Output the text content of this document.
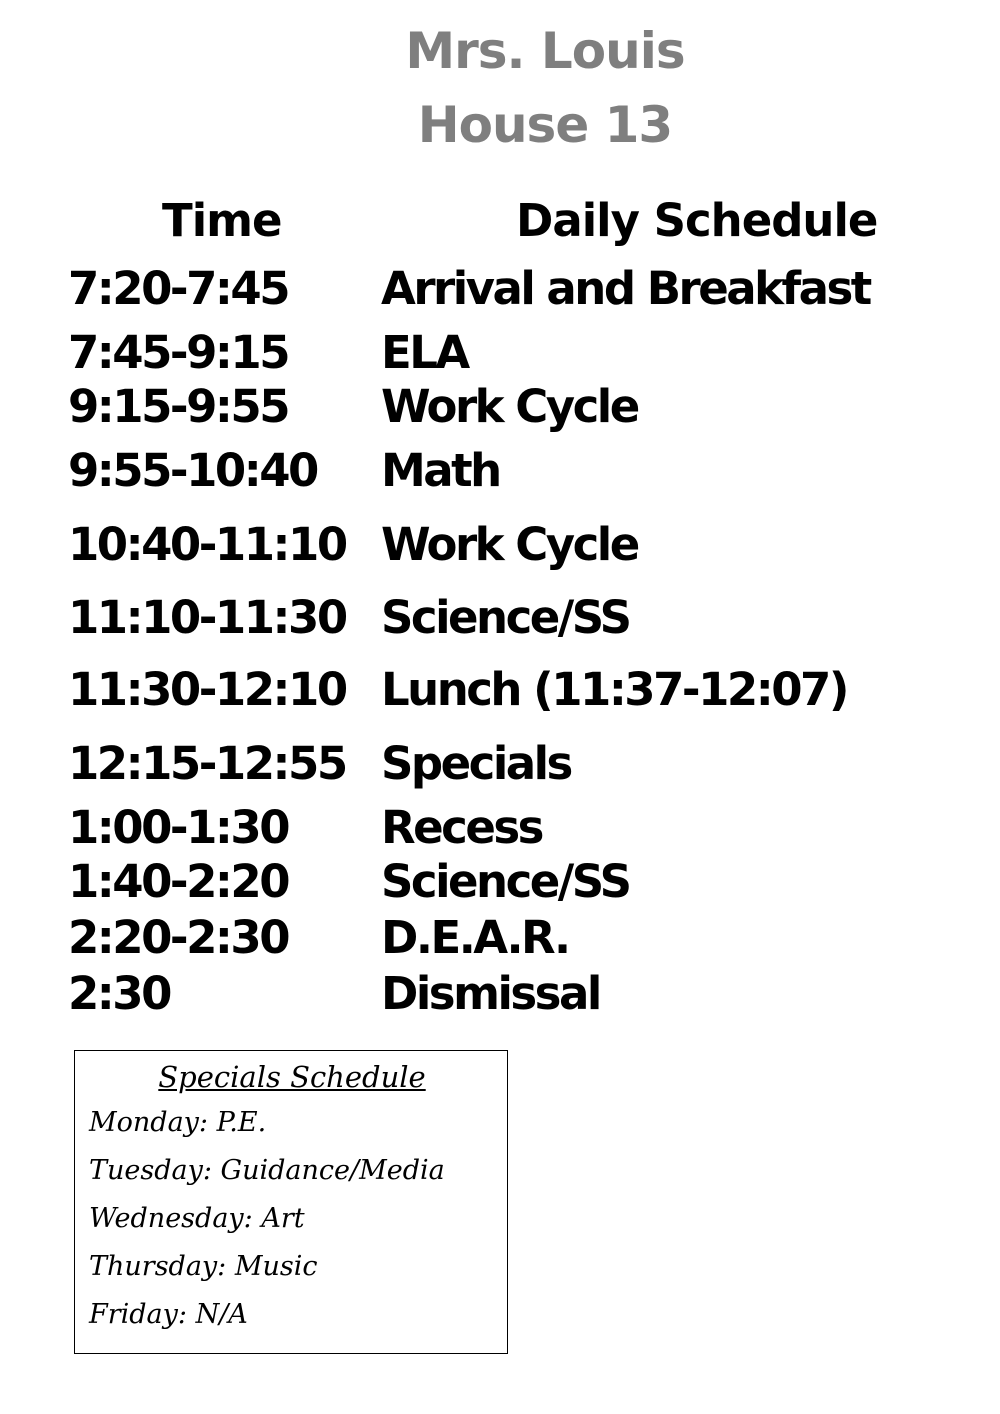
Mrs. Louis
House 13
Time	Daily Schedule
7:20-7:45 Arrival and Breakfast
7:45-9:15 ELA
9:15-9:55 Work Cycle
9:55-10:40 Math
10:40-11:10 Work Cycle
11:10-11:30 Science/SS
11:30-12:10 Lunch (11:37-12:07)
12:15-12:55 Specials
1:00-1:30 Recess
1:40-2:20 Science/SS
2:20-2:30 D.E.A.R.
2:30	Dismissal
Specials Schedule
Monday: P.E.
Tuesday: Guidance/Media
Wednesday: Art
Thursday: Music
Friday: N/A
